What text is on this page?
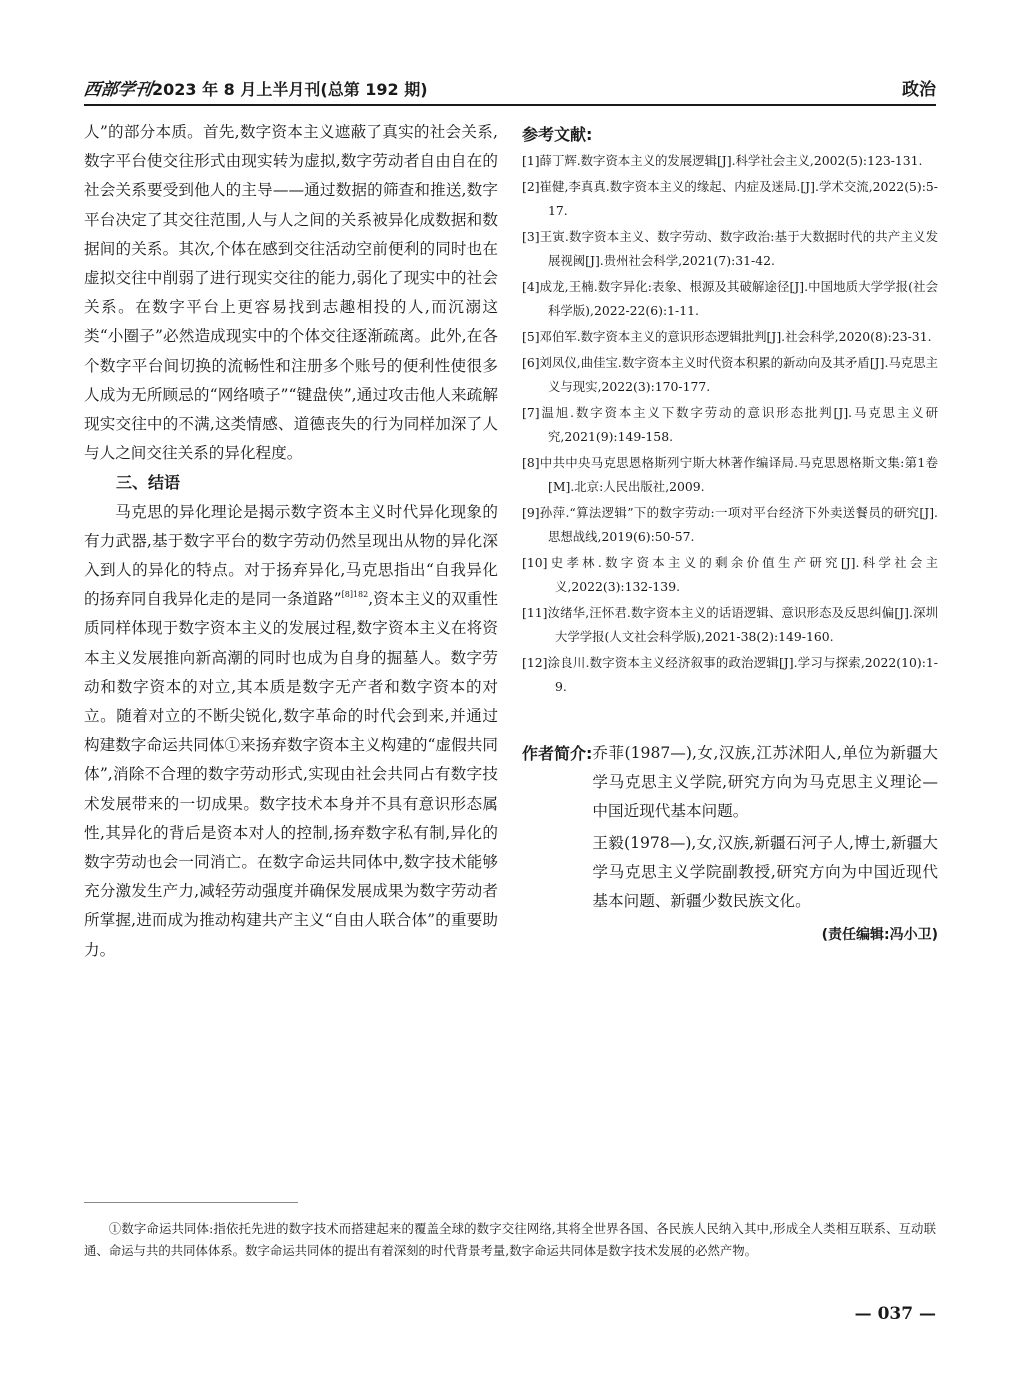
西部学刊
2023 年 8 月上半月刊(总第 192 期)	政治

人”的部分本质。首先,数字资本主义遮蔽了真实的社会关系,数字平台使交往形式由现实转为虚拟,数字劳动者自由自在的社会关系要受到他人的主导——通过数据的筛查和推送,数字平台决定了其交往范围,人与人之间的关系被异化成数据和数据间的关系。其次,个体在感到交往活动空前便利的同时也在虚拟交往中削弱了进行现实交往的能力,弱化了现实中的社会关系。在数字平台上更容易找到志趣相投的人,而沉溺这类“小圈子”必然造成现实中的个体交往逐渐疏离。此外,在各个数字平台间切换的流畅性和注册多个账号的便利性使很多人成为无所顾忌的“网络喷子”“键盘侠”,通过攻击他人来疏解现实交往中的不满,这类情感、道德丧失的行为同样加深了人与人之间交往关系的异化程度。

三、结语

马克思的异化理论是揭示数字资本主义时代异化现象的有力武器,基于数字平台的数字劳动仍然呈现出从物的异化深入到人的异化的特点。对于扬弃异化,马克思指出“自我异化的扬弃同自我异化走的是同一条道路”$^{[8]182}$,资本主义的双重性质同样体现于数字资本主义的发展过程,数字资本主义在将资本主义发展推向新高潮的同时也成为自身的掘墓人。数字劳动和数字资本的对立,其本质是数字无产者和数字资本的对立。随着对立的不断尖锐化,数字革命的时代会到来,并通过构建数字命运共同体①来扬弃数字资本主义构建的“虚假共同体”,消除不合理的数字劳动形式,实现由社会共同占有数字技术发展带来的一切成果。数字技术本身并不具有意识形态属性,其异化的背后是资本对人的控制,扬弃数字私有制,异化的数字劳动也会一同消亡。在数字命运共同体中,数字技术能够充分激发生产力,减轻劳动强度并确保发展成果为数字劳动者所掌握,进而成为推动构建共产主义“自由人联合体”的重要助力。

参考文献:

[1]薛丁辉.数字资本主义的发展逻辑[J].科学社会主义,2002(5):123-131.

[2]崔健,李真真.数字资本主义的缘起、内症及迷局.[J].学术交流,2022(5):5-17.

[3]王寅.数字资本主义、数字劳动、数字政治:基于大数据时代的共产主义发展视阈[J].贵州社会科学,2021(7):31-42.

[4]成龙,王楠.数字异化:表象、根源及其破解途径[J].中国地质大学学报(社会科学版),2022-22(6):1-11.

[5]邓伯军.数字资本主义的意识形态逻辑批判[J].社会科学,2020(8):23-31.

[6]刘凤仪,曲佳宝.数字资本主义时代资本积累的新动向及其矛盾[J].马克思主义与现实,2022(3):170-177.

[7]温旭.数字资本主义下数字劳动的意识形态批判[J].马克思主义研究,2021(9):149-158.

[8]中共中央马克思恩格斯列宁斯大林著作编译局.马克思恩格斯文集:第1卷[M].北京:人民出版社,2009.

[9]孙萍.“算法逻辑”下的数字劳动:一项对平台经济下外卖送餐员的研究[J].思想战线,2019(6):50-57.

[10]史孝林.数字资本主义的剩余价值生产研究[J].科学社会主义,2022(3):132-139.

[11]汝绪华,汪怀君.数字资本主义的话语逻辑、意识形态及反思纠偏[J].深圳大学学报(人文社会科学版),2021-38(2):149-160.

[12]涂良川.数字资本主义经济叙事的政治逻辑[J].学习与探索,2022(10):1-9.

作者简介: 乔菲(1987—),女,汉族,江苏沭阳人,单位为新疆大学马克思主义学院,研究方向为马克思主义理论—中国近现代基本问题。

王毅(1978—),女,汉族,新疆石河子人,博士,新疆大学马克思主义学院副教授,研究方向为中国近现代基本问题、新疆少数民族文化。

(责任编辑:冯小卫)

①数字命运共同体:指依托先进的数字技术而搭建起来的覆盖全球的数字交往网络,其将全世界各国、各民族人民纳入其中,形成全人类相互联系、互动联通、命运与共的共同体体系。数字命运共同体的提出有着深刻的时代背景考量,数字命运共同体是数字技术发展的必然产物。

— 037 —
